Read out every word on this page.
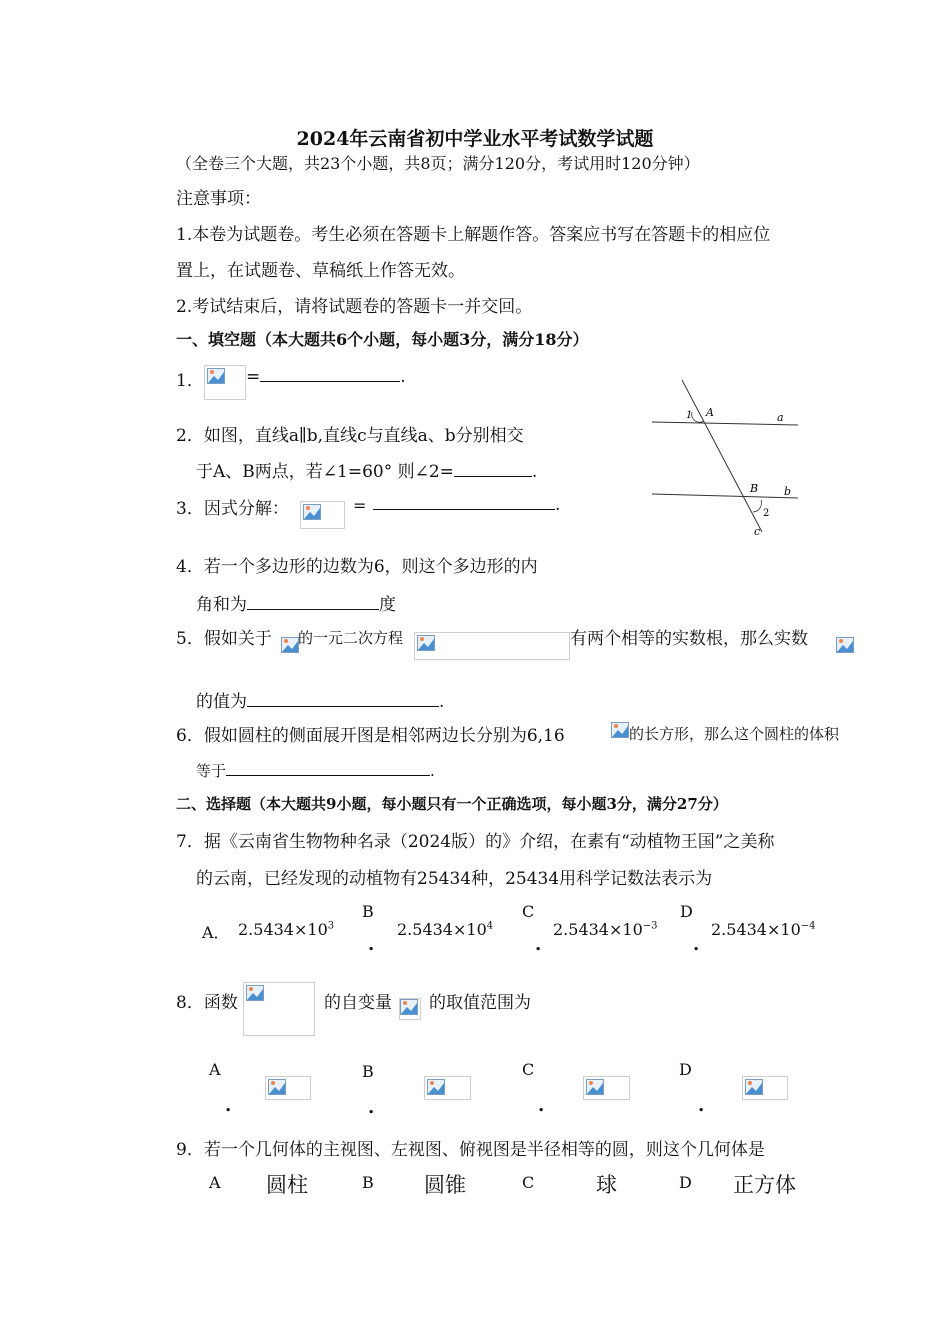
2024年云南省初中学业水平考试数学试题
（全卷三个大题，共23个小题，共8页；满分120分，考试用时120分钟）
注意事项：
1.本卷为试题卷。考生必须在答题卡上解题作答。答案应书写在答题卡的相应位
置上，在试题卷、草稿纸上作答无效。
2.考试结束后，请将试题卷的答题卡一并交回。
一、填空题（本大题共6个小题，每小题3分，满分18分）
1． =	.
2．如图，直线a∥b,直线c与直线a、b分别相交
于A、B两点，若∠1=60° 则∠2=	.
1 A	a
B b
2
c
3．因式分解：	=	.
4．若一个多边形的边数为6，则这个多边形的内
角和为	度
5．假如关于 的一元二次方程	有两个相等的实数根，那么实数
的值为	.
6．假如圆柱的侧面展开图是相邻两边长分别为6,16	的长方形，那么这个圆柱的体积
等于	.
二、选择题（本大题共9小题，每小题只有一个正确选项，每小题3分，满分27分）
7．据《云南省生物物种名录（2024版）的》介绍，在素有“动植物王国”之美称
的云南，已经发现的动植物有25434种，25434用科学记数法表示为
A． $2.5434\times 10^3$
B
.
$2.5434\times 10^4$
C
.
$2.5434\times 10^{-3}$
D
.
$2.5434\times 10^{-4}$
8．函数	的自变量 的取值范围为
A
.
B
.
C
.
D
.
9．若一个几何体的主视图、左视图、俯视图是半径相等的圆，则这个几何体是
A 圆柱	B 圆锥	C	球	D 正方体
